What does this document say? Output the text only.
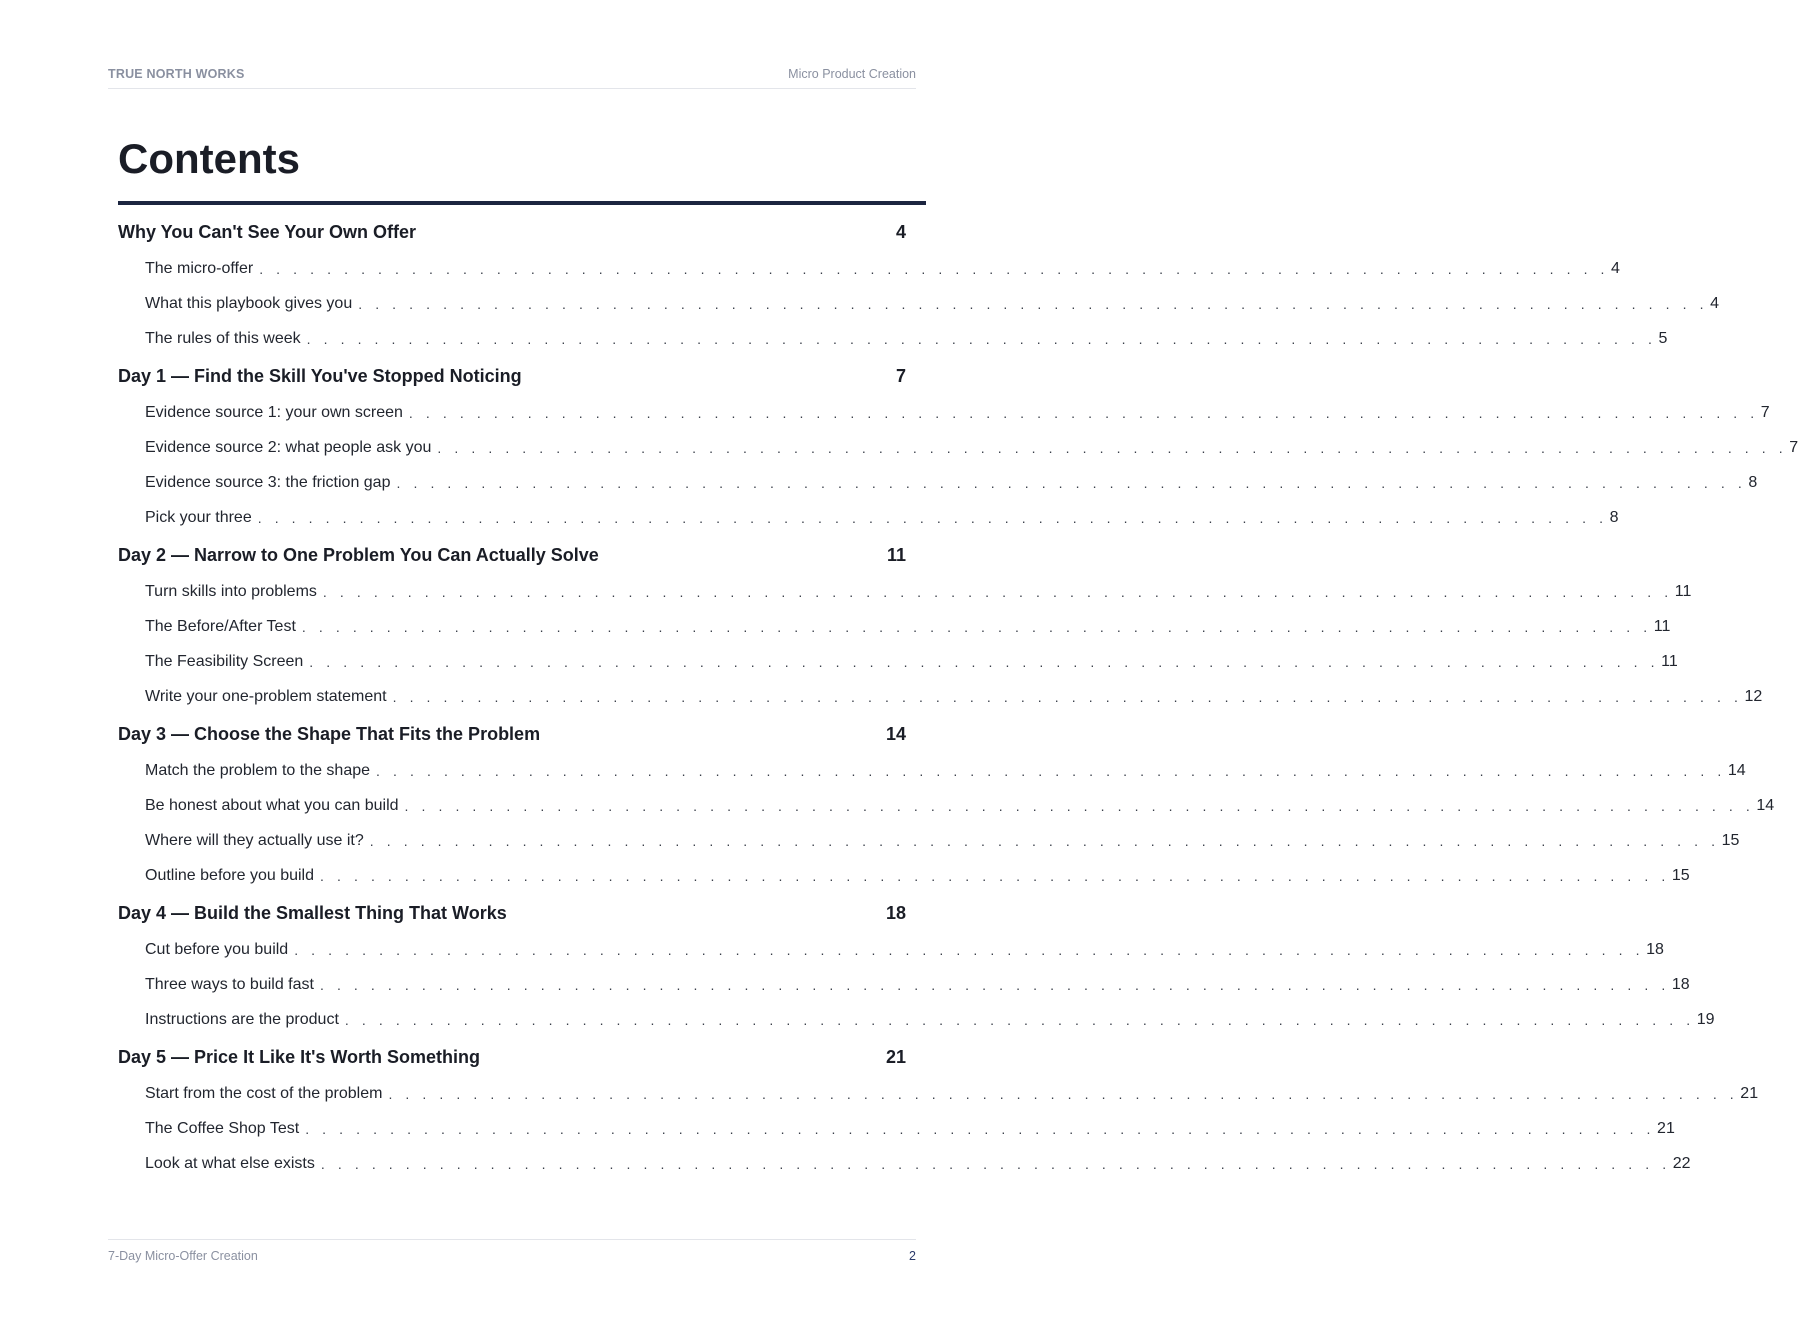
TRUE NORTH WORKS	Micro Product Creation
Contents
Why You Can't See Your Own Offer	4
The micro-offer . . . . . . . . . . . . . . . . . . . . . . . . . . . . . . . . . . . . . . . . . . . . . . . . . . . . . . . . . . . . . . . . . . . . . . . . . . . . . . . . 4
What this playbook gives you . . . . . . . . . . . . . . . . . . . . . . . . . . . . . . . . . . . . . . . . . . . . . . . . . . . . . . . . . . . . . . . . . . . . . . . . . . . . . . . . 4
The rules of this week . . . . . . . . . . . . . . . . . . . . . . . . . . . . . . . . . . . . . . . . . . . . . . . . . . . . . . . . . . . . . . . . . . . . . . . . . . . . . . . . 5
Day 1 — Find the Skill You've Stopped Noticing	7
Evidence source 1: your own screen . . . . . . . . . . . . . . . . . . . . . . . . . . . . . . . . . . . . . . . . . . . . . . . . . . . . . . . . . . . . . . . . . . . . . . . . . . . . . . . . 7
Evidence source 2: what people ask you . . . . . . . . . . . . . . . . . . . . . . . . . . . . . . . . . . . . . . . . . . . . . . . . . . . . . . . . . . . . . . . . . . . . . . . . . . . . . . . . 7
Evidence source 3: the friction gap . . . . . . . . . . . . . . . . . . . . . . . . . . . . . . . . . . . . . . . . . . . . . . . . . . . . . . . . . . . . . . . . . . . . . . . . . . . . . . . . 8
Pick your three . . . . . . . . . . . . . . . . . . . . . . . . . . . . . . . . . . . . . . . . . . . . . . . . . . . . . . . . . . . . . . . . . . . . . . . . . . . . . . . . 8
Day 2 — Narrow to One Problem You Can Actually Solve	11
Turn skills into problems . . . . . . . . . . . . . . . . . . . . . . . . . . . . . . . . . . . . . . . . . . . . . . . . . . . . . . . . . . . . . . . . . . . . . . . . . . . . . . . . 11
The Before/After Test . . . . . . . . . . . . . . . . . . . . . . . . . . . . . . . . . . . . . . . . . . . . . . . . . . . . . . . . . . . . . . . . . . . . . . . . . . . . . . . . 11
The Feasibility Screen . . . . . . . . . . . . . . . . . . . . . . . . . . . . . . . . . . . . . . . . . . . . . . . . . . . . . . . . . . . . . . . . . . . . . . . . . . . . . . . . 11
Write your one-problem statement . . . . . . . . . . . . . . . . . . . . . . . . . . . . . . . . . . . . . . . . . . . . . . . . . . . . . . . . . . . . . . . . . . . . . . . . . . . . . . . . 12
Day 3 — Choose the Shape That Fits the Problem	14
Match the problem to the shape . . . . . . . . . . . . . . . . . . . . . . . . . . . . . . . . . . . . . . . . . . . . . . . . . . . . . . . . . . . . . . . . . . . . . . . . . . . . . . . . 14
Be honest about what you can build . . . . . . . . . . . . . . . . . . . . . . . . . . . . . . . . . . . . . . . . . . . . . . . . . . . . . . . . . . . . . . . . . . . . . . . . . . . . . . . . 14
Where will they actually use it? . . . . . . . . . . . . . . . . . . . . . . . . . . . . . . . . . . . . . . . . . . . . . . . . . . . . . . . . . . . . . . . . . . . . . . . . . . . . . . . . 15
Outline before you build . . . . . . . . . . . . . . . . . . . . . . . . . . . . . . . . . . . . . . . . . . . . . . . . . . . . . . . . . . . . . . . . . . . . . . . . . . . . . . . . 15
Day 4 — Build the Smallest Thing That Works	18
Cut before you build . . . . . . . . . . . . . . . . . . . . . . . . . . . . . . . . . . . . . . . . . . . . . . . . . . . . . . . . . . . . . . . . . . . . . . . . . . . . . . . . 18
Three ways to build fast . . . . . . . . . . . . . . . . . . . . . . . . . . . . . . . . . . . . . . . . . . . . . . . . . . . . . . . . . . . . . . . . . . . . . . . . . . . . . . . . 18
Instructions are the product . . . . . . . . . . . . . . . . . . . . . . . . . . . . . . . . . . . . . . . . . . . . . . . . . . . . . . . . . . . . . . . . . . . . . . . . . . . . . . . . 19
Day 5 — Price It Like It's Worth Something	21
Start from the cost of the problem . . . . . . . . . . . . . . . . . . . . . . . . . . . . . . . . . . . . . . . . . . . . . . . . . . . . . . . . . . . . . . . . . . . . . . . . . . . . . . . . 21
The Coffee Shop Test . . . . . . . . . . . . . . . . . . . . . . . . . . . . . . . . . . . . . . . . . . . . . . . . . . . . . . . . . . . . . . . . . . . . . . . . . . . . . . . . 21
Look at what else exists . . . . . . . . . . . . . . . . . . . . . . . . . . . . . . . . . . . . . . . . . . . . . . . . . . . . . . . . . . . . . . . . . . . . . . . . . . . . . . . . 22
7-Day Micro-Offer Creation	2
